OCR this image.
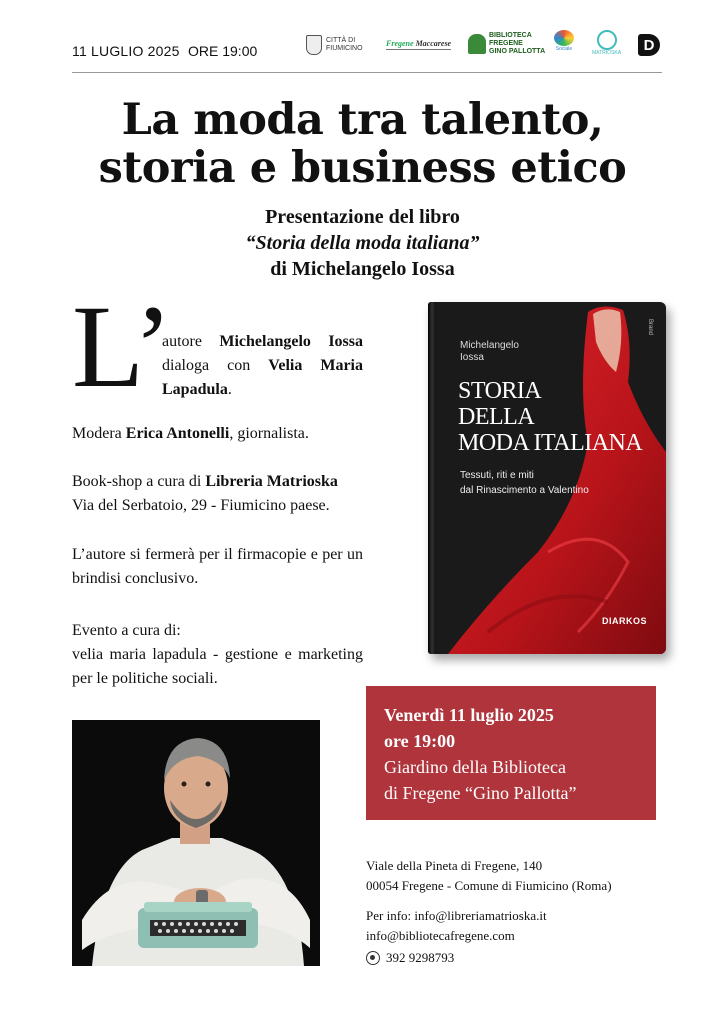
11 LUGLIO 2025 ORE 19:00
CITTÀ DI FIUMICINO
Fregene
Maccarese
BIBLIOTECA
FREGENE
GINO PALLOTTA Sociale
MATRIOSKA	D
La moda tra talento,
storia e business etico
Presentazione del libro
“Storia della moda italiana”
di Michelangelo Iossa
L’
autore Michelangelo Iossa dialoga con Velia Maria Lapadula.
Modera Erica Antonelli, giornalista.
Book-shop a cura di Libreria Matrioska
Via del Serbatoio, 29 - Fiumicino paese.
L’autore si fermerà per il firmacopie e per un brindisi conclusivo.
Evento a cura di:
velia maria lapadula - gestione e marketing per le politiche sociali.
Michelangelo
Iossa
Brand
STORIA
DELLA
MODA ITALIANA
Tessuti, riti e miti
dal Rinascimento a Valentino
DIARKOS
Venerdì 11 luglio 2025
ore 19:00
Giardino della Biblioteca
di Fregene “Gino Pallotta”
Viale della Pineta di Fregene, 140
00054 Fregene - Comune di Fiumicino (Roma)
Per info: info@libreriamatrioska.it
info@bibliotecafregene.com
392 9298793
